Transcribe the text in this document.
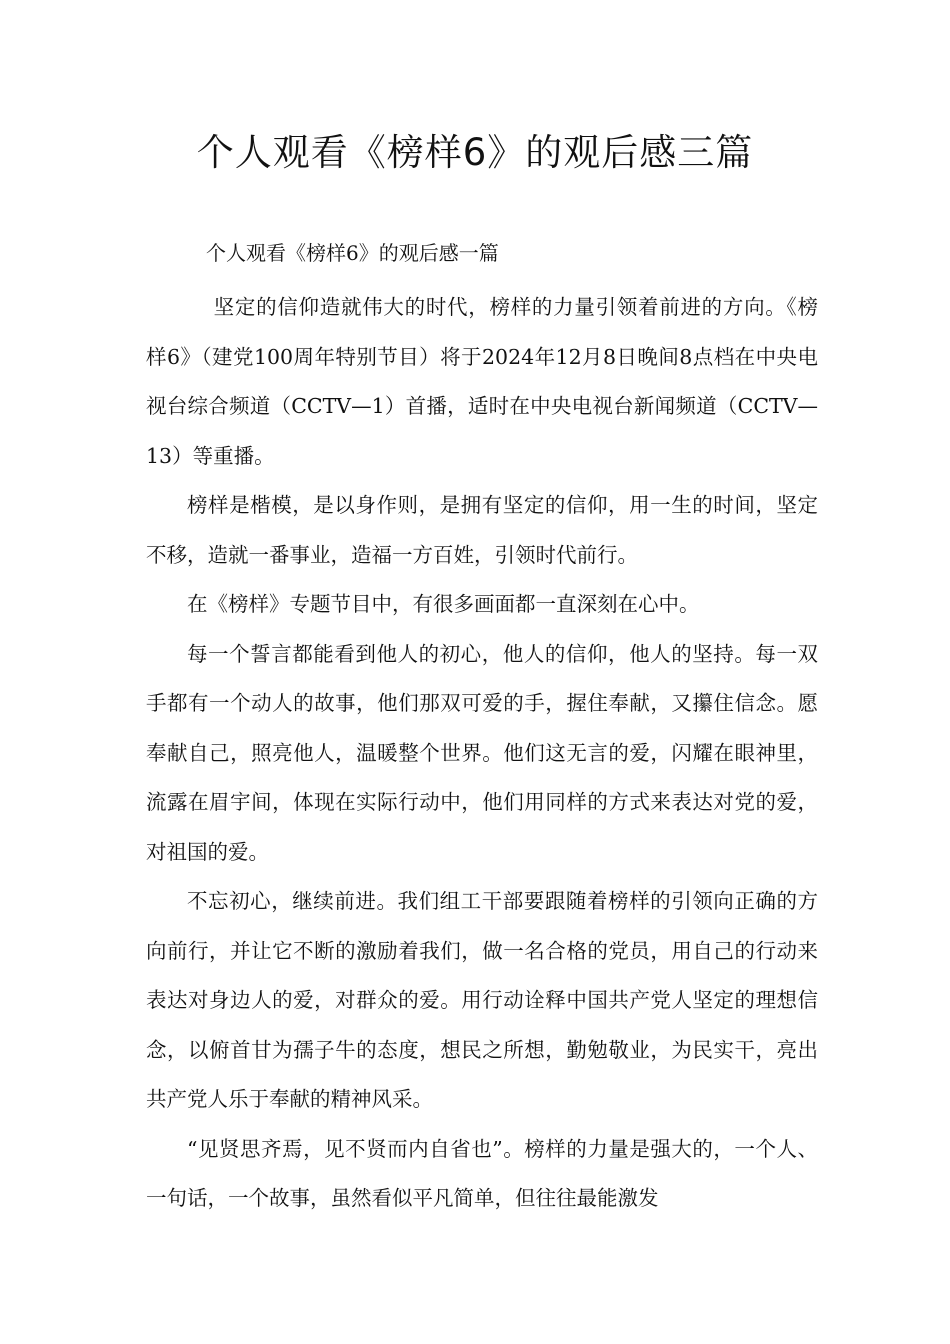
个人观看《榜样6》的观后感三篇

个人观看《榜样6》的观后感一篇

坚定的信仰造就伟大的时代，榜样的力量引领着前进的方向。《榜样6》（建党100周年特别节目）将于2024年12月8日晚间8点档在中央电视台综合频道（CCTV—1）首播，适时在中央电视台新闻频道（CCTV—13）等重播。

榜样是楷模，是以身作则，是拥有坚定的信仰，用一生的时间，坚定不移，造就一番事业，造福一方百姓，引领时代前行。

在《榜样》专题节目中，有很多画面都一直深刻在心中。

每一个誓言都能看到他人的初心，他人的信仰，他人的坚持。每一双手都有一个动人的故事，他们那双可爱的手，握住奉献，又攥住信念。愿奉献自己，照亮他人，温暖整个世界。他们这无言的爱，闪耀在眼神里，流露在眉宇间，体现在实际行动中，他们用同样的方式来表达对党的爱，对祖国的爱。

不忘初心，继续前进。我们组工干部要跟随着榜样的引领向正确的方向前行，并让它不断的激励着我们，做一名合格的党员，用自己的行动来表达对身边人的爱，对群众的爱。用行动诠释中国共产党人坚定的理想信念，以俯首甘为孺子牛的态度，想民之所想，勤勉敬业，为民实干，亮出共产党人乐于奉献的精神风采。

“见贤思齐焉，见不贤而内自省也”。榜样的力量是强大的，一个人、一句话，一个故事，虽然看似平凡简单，但往往最能激发
